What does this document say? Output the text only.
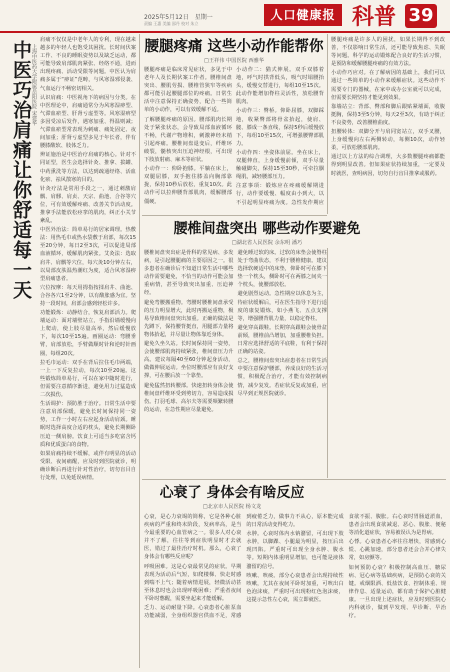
2025年5月12日　星期一
责编 王惠 美编 邵丹 校对 朱立
人口健康报 科普 39
中医巧治肩痛让你舒适每一天 上海中医药大学附属岳阳医院 宋建华

肩痛不仅仅是中老年人的专利，现在越来越多的年轻人也饱受其困扰。长时间伏案工作、不良的睡眠姿势以及缺乏运动，都可能导致肩部肌肉紧张、经络不通，进而出现疼痛、活动受限等问题。中医认为肩痛多属于“痹证”范畴，与风寒湿邪侵袭、气血运行不畅密切相关。

认识肩痛：中医视角下的病因与分类。在中医理论中，肩痛通常分为风寒湿痹型、气滞血瘀型、肝肾亏虚型等。风寒湿痹型多因受凉后发作，遇寒加重、得温则减；气滞血瘀型常表现为刺痛、痛处固定、夜间加重；肝肾亏虚型多见于年长者，伴有腰膝酸软、肢体乏力。

辨证施治是中医治疗肩痛的核心。针对不同证型，医生会选择针灸、推拿、拔罐、中药熏洗等方法，以达到疏通经络、活血化瘀、祛风散寒的目的。

针灸疗法是常用手段之一，通过刺激肩髃、肩髎、肩贞、天宗、曲池、合谷等穴位，可有效缓解疼痛、改善关节活动度。推拿手法能放松痉挛的肌肉，纠正小关节紊乱。

中医外治法：简单易行的居家调理。热敷法：用热毛巾或热水袋敷于肩部，每次15至20分钟，每日2至3次，可以促进局部血液循环，缓解肌肉紧张。艾灸法：选取肩井、肩髃等穴位，每穴灸10分钟左右，以局部皮肤温热潮红为度，适合风寒湿痹型肩痛患者。

穴位按摩：每天用拇指按揉肩井、曲池、合谷各穴1至2分钟，以有酸胀感为宜。坚持一段时间，肩部会感到轻松许多。

功能锻炼：动静结合，恢复肩部活力。爬墙运动：面对墙壁站立，手指沿墙缓慢向上爬动，使上肢尽量高举，然后缓慢放下，每次10至15遍。画圈运动：弯腰垂臂，肩部放松，手臂做顺时针和逆时针画圈，每组20次。

拉毛巾运动：双手在背后拉住毛巾两端，一上一下反复拉动，每次10至20遍。这些锻炼简单易行，可以在家中随时进行，但需要注意循序渐进，避免用力过猛造成二次损伤。

生活调护：预防胜于治疗。日常生活中要注意肩部保暖，避免长时间保持同一姿势，工作一小时左右应起身活动肩颈。睡眠时选择高度合适的枕头，避免长期侧卧压迫一侧肩膀。饮食上可适当多吃富含钙质和优质蛋白的食物。

如果肩痛持续不缓解，或伴有明显的活动受限、夜间痛醒，应及时到医院就诊，明确诊断后再进行针对性治疗，切勿盲目自行处理，以免延误病情。

腰腿疼痛 这些小动作能帮你
□王祥伟 中国医院 西雅华

腰腿疼痛是临床常见症状，多见于中老年人及长期伏案工作者。腰椎间盘突出、腰肌劳损、腰椎管狭窄等疾病都可能引起腰腿部位的疼痛。日常生活中注意保持正确姿势，配合一些简单的小动作，可以有效缓解不适。

了解腰腿疼痛的原因。腰部肌肉长期处于紧张状态，会导致局部血液循环不畅，代谢产物堆积，刺激神经末梢引起疼痛。腰椎间盘退变后，纤维环破裂，髓核突出压迫神经根，可出现下肢放射痛、麻木等症状。

小动作一：仰卧抱膝。平躺在床上，双腿屈膝，双手抱住膝盖向胸部靠拢，保持10秒后放松，重复10次。此动作可以拉伸腰背部肌肉，缓解腰部僵硬。

小动作二：猫式伸展。双手双膝着地，呼气时拱背低头，吸气时塌腰抬头，缓慢交替进行，每组10至15次。此动作能增加脊柱灵活性，放松腰背肌肉。

小动作三：臀桥。仰卧屈膝，双脚踩地，收紧臀部将骨盆抬起，使肩、髋、膝成一条直线，保持5秒后缓慢放下，每组10至15次，可增强腰臀部肌力。

小动作四：坐姿体前屈。坐在床上，双腿伸直，上身缓慢前倾，双手尽量触碰脚尖，保持15至30秒，可牵拉腘绳肌，减轻腰部压力。

注意事项：锻炼应在疼痛缓解期进行，动作要缓慢、幅度由小到大，以不引起明显疼痛为度。急性发作期应

腰腿疼痛是许多人的困扰，如果长期得不到改善，不仅影响日常生活，还可能导致焦虑、失眠等问题。科学的运动锻炼配合良好的生活习惯，是预防和缓解腰腿疼痛的有效方法。

小动作巧应对。在了解病因的基础上，我们可以通过一些简单的小动作来缓解症状。这些动作不需要专门的器械，在家中或办公室就可以完成，但需要长期坚持才能见到效果。

靠墙站立：背部、臀部和脚后跟贴紧墙面，收腹挺胸，保持3至5分钟，每天2至3次，有助于纠正不良姿势，改善腰椎曲度。

扭腰转体：双脚分开与肩同宽站立，双手叉腰，上身缓慢向左右两侧转动，每侧10次，动作轻柔，可放松腰部肌肉。

通过以上方法的综合调理，大多数腰腿疼痛都能得到明显改善。但如果症状持续加重，一定要及时就医，查明病因，切勿自行盲目推拿或服药。

腰椎间盘突出 哪些动作要避免
□湖北省人民医院 余东明 潘巧

腰椎间盘突出症是骨科的常见病、多发病，是引起腰腿痛的主要原因之一。很多患者在确诊后不知道日常生活中哪些动作需要避免，不恰当的动作可能会加重病情，甚至导致突出加重、压迫神经。

避免弯腰搬重物。弯腰时腰椎间盘承受的压力明显增大，此时再搬运重物，极易导致椎间盘突出加重。正确的做法是先蹲下，保持腰背挺直，用腿部力量将物体抬起，并尽量让物体靠近身体。

避免久坐久站。长时间保持同一姿势，会使腰部肌肉持续紧张，椎间盘压力升高。建议每隔40至60分钟起身活动，做做伸展运动。坐位时腰部应有良好支撑，可在腰后放一个靠垫。

避免猛然扭转腰部。快速扭转身体会使椎间盘纤维环受到剪切力，容易造成损伤。打羽毛球、高尔夫等需要频繁转腰的运动，在急性期应尽量避免。

避免睡过软的床。过软的床垫会使脊柱处于弯曲状态，不利于腰椎健康。建议选择软硬适中的床垫，仰卧时可在膝下垫一个枕头，侧卧时可在两膝之间夹一个枕头，使腰部放松。

避免剧烈运动。急性期应以休息为主，待症状缓解后，可在医生指导下进行适度的康复锻炼，如小燕飞、五点支撑等，增强腰背肌力量，以稳定脊柱。

避免穿高跟鞋。长期穿高跟鞋会使骨盆前倾，腰椎前凸增加，加重腰椎负担。日常应选择舒适的平底鞋，有利于保持正确的站姿。

总之，腰椎间盘突出症患者在日常生活中要注意保护腰部，养成良好的生活习惯，积极配合治疗，才能有效控制病情，减少复发。若症状反复或加重，应尽早到正规医院就诊。

心衰了 身体会有啥反应
□北京市人民医院 杨文龙

心衰，是心力衰竭的简称，它是各种心脏疾病的严重和终末阶段，发病率高，是当今最重要的心血管病之一。很多人对心衰并不了解，往往等到症状明显时才去就医，错过了最佳治疗时机。那么，心衰了身体会有哪些反应呢？

呼吸困难。这是心衰最常见的症状。早期表现为活动后气短，如爬楼梯、快走时感到喘不上气；随着病情进展，轻微活动甚至休息时也会出现呼吸困难；严重者夜间平卧时憋醒，需要坐起来才能缓解。

乏力、运动耐量下降。心衰患者心脏泵血功能减弱，全身组织器官供血不足，常感到疲倦乏力，做事力不从心，原本能完成的日常活动变得吃力。

水肿。心衰时体内水钠潴留，可出现下肢水肿，以脚踝、小腿最为明显，按压后出现凹陷。严重时可出现全身水肿、腹水等。短期内体重明显增加，也可能是液体潴留的信号。

咳嗽、咳痰。部分心衰患者会出现持续性咳嗽，尤其在夜间平卧时加重，可咳出白色泡沫痰，严重时可出现粉红色泡沫痰，这提示急性左心衰，需立即就医。

食欲不振、腹胀。右心衰时胃肠道淤血，患者会出现食欲减退、恶心、腹胀、便秘等消化道症状，容易被误认为是胃病。

心悸。心衰患者心率往往增快，常感到心慌、心跳加速，部分患者还会合并心律失常，如房颤等。

如何预防心衰？积极控制高血压、糖尿病、冠心病等基础疾病，是预防心衰的关键。戒烟限酒、低盐饮食、控制体重、规律作息、适量运动，都有助于保护心脏健康。一旦出现上述症状，应及时到医院心内科就诊，做到早发现、早诊断、早治疗。
